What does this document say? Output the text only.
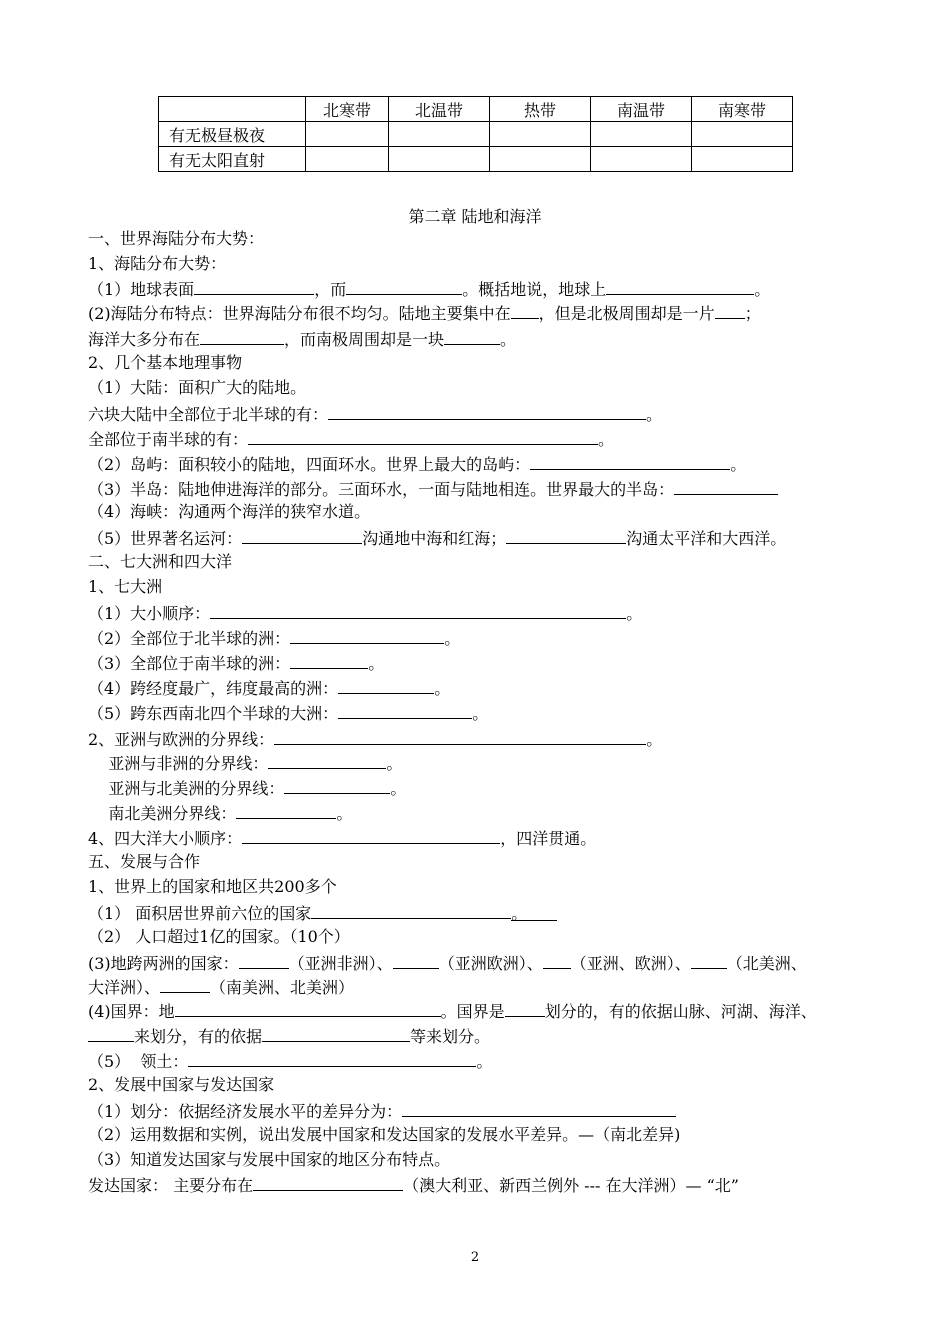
	北寒带	北温带	热带	南温带	南寒带
有无极昼极夜					
有无太阳直射					
第二章 陆地和海洋
一、世界海陆分布大势：
1、海陆分布大势：
（1）地球表面	，而	。概括地说，地球上	。
(2)海陆分布特点：世界海陆分布很不均匀。陆地主要集中在 ，但是北极周围却是一片 ；
海洋大多分布在	，而南极周围却是一块	。
2、几个基本地理事物
（1）大陆：面积广大的陆地。
六块大陆中全部位于北半球的有：	。
全部位于南半球的有：	。
（2）岛屿：面积较小的陆地，四面环水。世界上最大的岛屿：	。
（3）半岛：陆地伸进海洋的部分。三面环水，一面与陆地相连。世界最大的半岛：
（4）海峡：沟通两个海洋的狭窄水道。
（5）世界著名运河：	沟通地中海和红海；	沟通太平洋和大西洋。
二、七大洲和四大洋
1、七大洲
（1）大小顺序：	。
（2）全部位于北半球的洲：	。
（3）全部位于南半球的洲：	。
（4）跨经度最广，纬度最高的洲：	。
（5）跨东西南北四个半球的大洲：	。
2、亚洲与欧洲的分界线：	。
亚洲与非洲的分界线：	。
亚洲与北美洲的分界线：	。
南北美洲分界线：	。
4、四大洋大小顺序：	，四洋贯通。
五、发展与合作
1、世界上的国家和地区共200多个
（1） 面积居世界前六位的国家	。
（2） 人口超过1亿的国家。（10个）
(3)地跨两洲的国家：	（亚洲非洲）、	（亚洲欧洲）、 （亚洲、欧洲）、 （北美洲、
大洋洲）、	（南美洲、北美洲）
(4)国界：地	。国界是	划分的，有的依据山脉、河湖、海洋、
来划分，有的依据	等来划分。
（5）  领土：	。
2、发展中国家与发达国家
（1）划分：依据经济发展水平的差异分为：
（2）运用数据和实例，说出发展中国家和发达国家的发展水平差异。—（南北差异)
（3）知道发达国家与发展中国家的地区分布特点。
发达国家： 主要分布在	（澳大利亚、新西兰例外 --- 在大洋洲）— “北”
2
